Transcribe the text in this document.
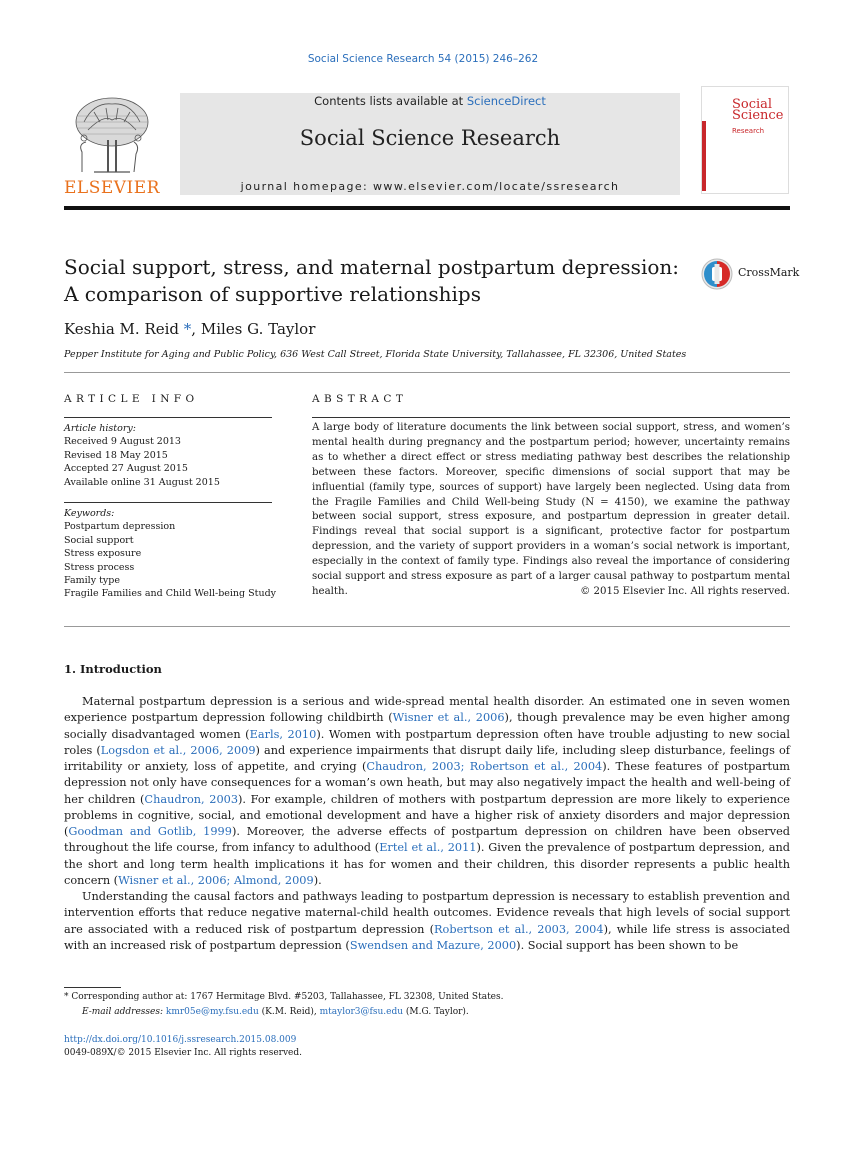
Social Science Research 54 (2015) 246–262
ELSEVIER
Contents lists available at ScienceDirect
Social Science Research
journal homepage: www.elsevier.com/locate/ssresearch
Social Science
Research
Social support, stress, and maternal postpartum depression:
A comparison of supportive relationships
CrossMark
Keshia M. Reid *, Miles G. Taylor
Pepper Institute for Aging and Public Policy, 636 West Call Street, Florida State University, Tallahassee, FL 32306, United States
ARTICLE INFO	ABSTRACT
Article history:
Received 9 August 2013
Revised 18 May 2015
Accepted 27 August 2015
Available online 31 August 2015
Keywords:
Postpartum depression
Social support
Stress exposure
Stress process
Family type
Fragile Families and Child Well-being Study
A large body of literature documents the link between social support, stress, and women’s mental health during pregnancy and the postpartum period; however, uncertainty remains as to whether a direct effect or stress mediating pathway best describes the relationship between these factors. Moreover, specific dimensions of social support that may be influential (family type, sources of support) have largely been neglected. Using data from the Fragile Families and Child Well-being Study (N = 4150), we examine the pathway between social support, stress exposure, and postpartum depression in greater detail. Findings reveal that social support is a significant, protective factor for postpartum depression, and the variety of support providers in a woman’s social network is important, especially in the context of family type. Findings also reveal the importance of considering social support and stress exposure as part of a larger causal pathway to postpartum mental health.	© 2015 Elsevier Inc. All rights reserved.
1. Introduction

Maternal postpartum depression is a serious and wide-spread mental health disorder. An estimated one in seven women experience postpartum depression following childbirth (Wisner et al., 2006), though prevalence may be even higher among socially disadvantaged women (Earls, 2010). Women with postpartum depression often have trouble adjusting to new social roles (Logsdon et al., 2006, 2009) and experience impairments that disrupt daily life, including sleep disturbance, feelings of irritability or anxiety, loss of appetite, and crying (Chaudron, 2003; Robertson et al., 2004). These features of postpartum depression not only have consequences for a woman’s own heath, but may also negatively impact the health and well-being of her children (Chaudron, 2003). For example, children of mothers with postpartum depression are more likely to experience problems in cognitive, social, and emotional development and have a higher risk of anxiety disorders and major depression (Goodman and Gotlib, 1999). Moreover, the adverse effects of postpartum depression on children have been observed throughout the life course, from infancy to adulthood (Ertel et al., 2011). Given the prevalence of postpartum depression, and the short and long term health implications it has for women and their children, this disorder represents a public health concern (Wisner et al., 2006; Almond, 2009).

Understanding the causal factors and pathways leading to postpartum depression is necessary to establish prevention and intervention efforts that reduce negative maternal-child health outcomes. Evidence reveals that high levels of social support are associated with a reduced risk of postpartum depression (Robertson et al., 2003, 2004), while life stress is associated with an increased risk of postpartum depression (Swendsen and Mazure, 2000). Social support has been shown to be

* Corresponding author at: 1767 Hermitage Blvd. #5203, Tallahassee, FL 32308, United States.
E-mail addresses: kmr05e@my.fsu.edu (K.M. Reid), mtaylor3@fsu.edu (M.G. Taylor).
http://dx.doi.org/10.1016/j.ssresearch.2015.08.009
0049-089X/© 2015 Elsevier Inc. All rights reserved.
